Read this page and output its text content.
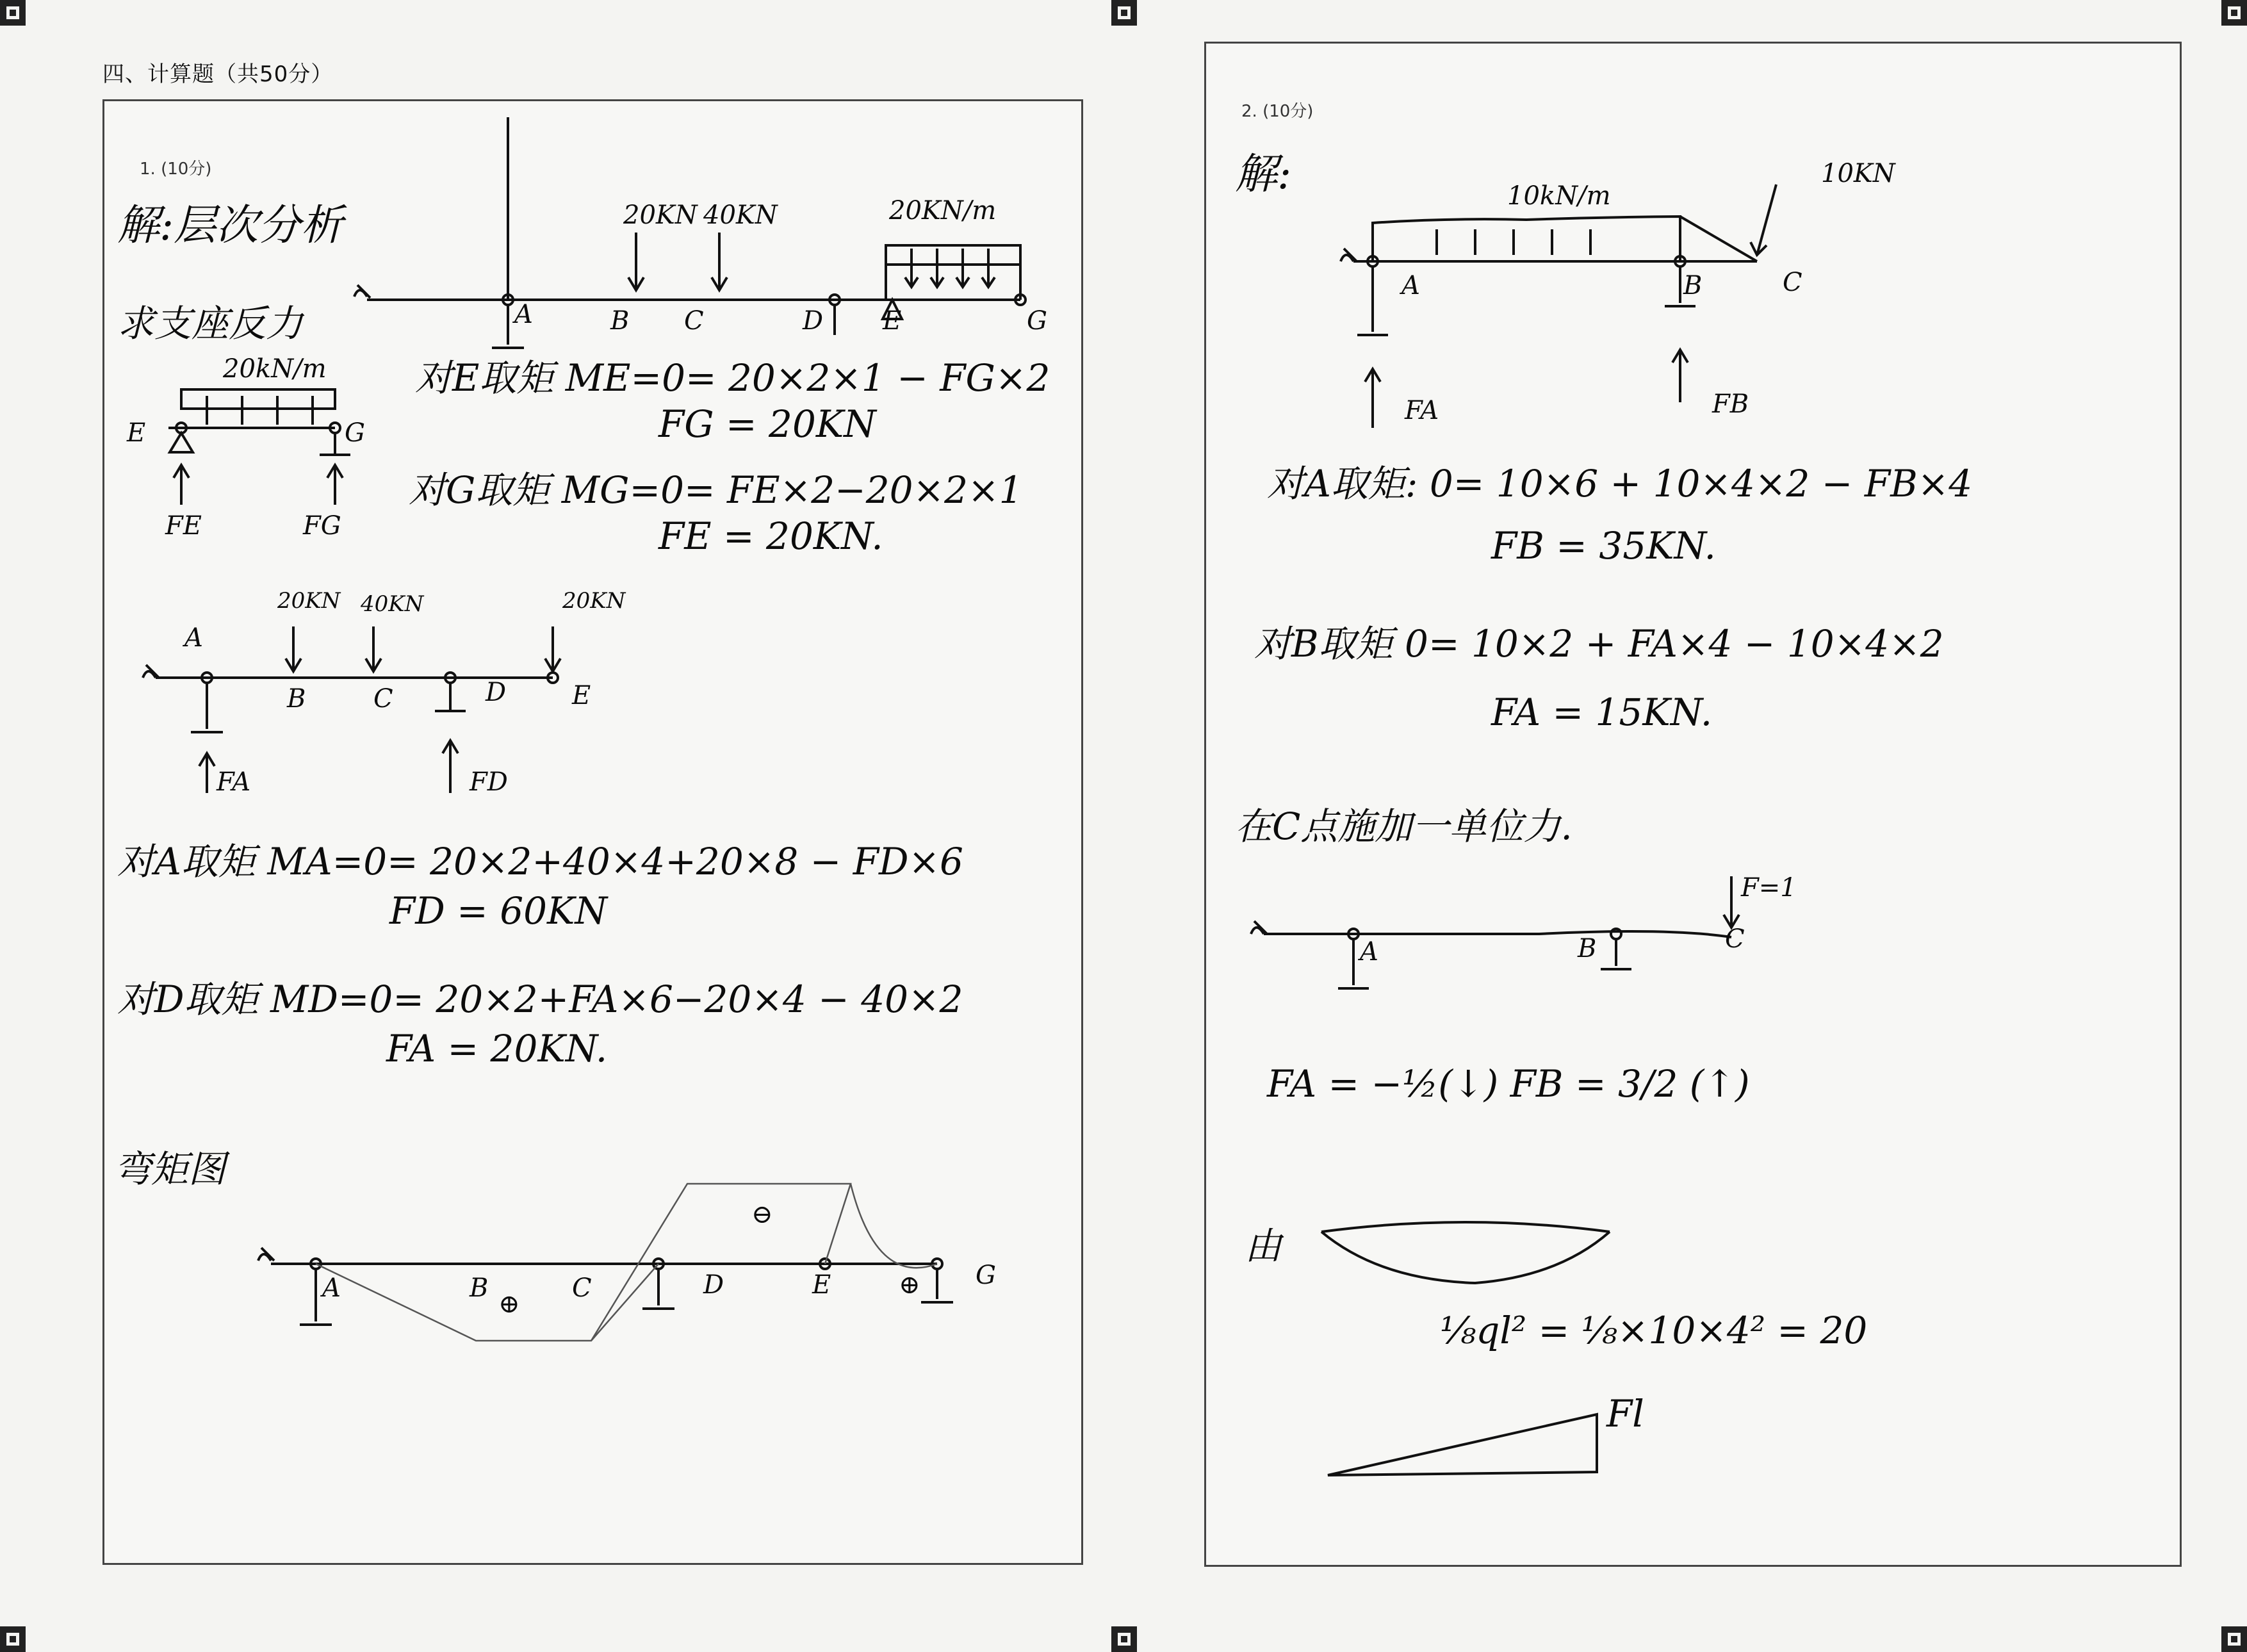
四、计算题（共50分）
1. (10分)
解:层次分析	20KN 40KN	20KN/m
A	B C	D E	G
求支座反力
20kN/m
E	G
FE	FG
对E取矩 ME=0= 20×2×1 − FG×2
FG = 20KN
对G取矩 MG=0= FE×2−20×2×1
FE = 20KN.
20KN 40KN	20KN
A
B	C	D	E
FA	FD
对A取矩 MA=0= 20×2+40×4+20×8 − FD×6
FD = 60KN
对D取矩 MD=0= 20×2+FA×6−20×4 − 40×2
FA = 20KN.
弯矩图
A	B	C	D	E	G
⊕
⊖
⊕
2. (10分)
解:	10kN/m
10KN
A	B	C
FA	FB
对A取矩: 0= 10×6 + 10×4×2 − FB×4
FB = 35KN.
对B取矩 0= 10×2 + FA×4 − 10×4×2
FA = 15KN.
在C点施加一单位力.
F=1
A	B	C
FA = −½(↓) FB = 3/2 (↑)
由
⅛ql² = ⅛×10×4² = 20
Fl
